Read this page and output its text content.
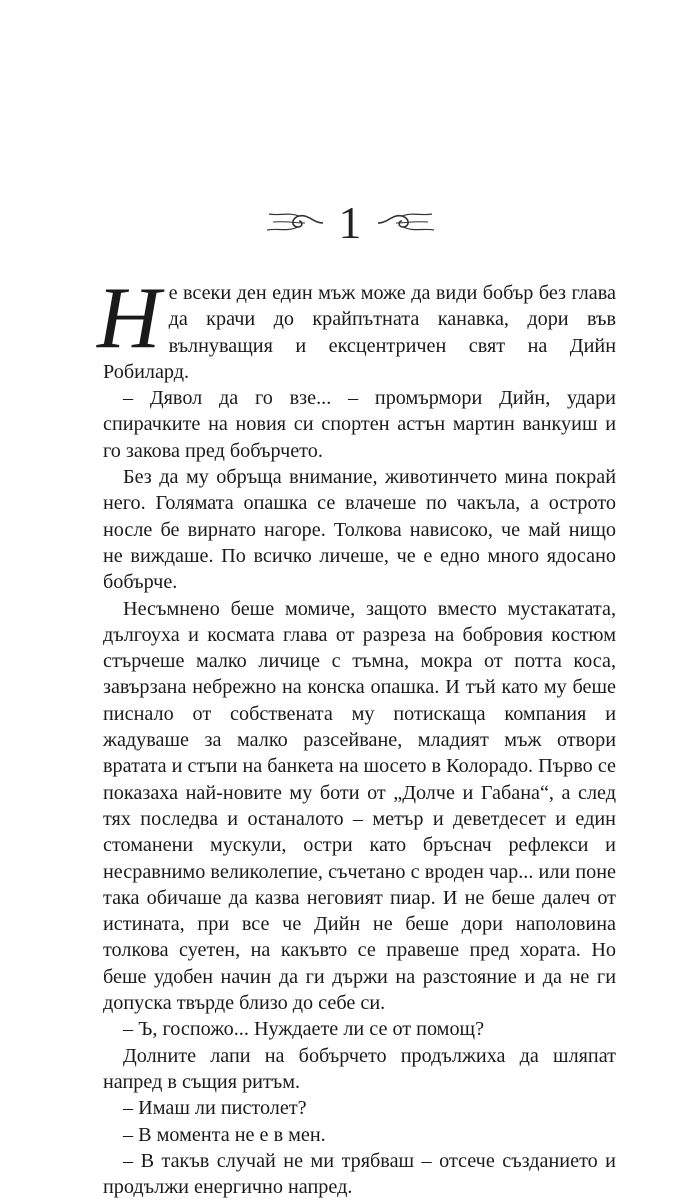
1

Не всеки ден един мъж може да види бобър без глава да крачи до крайпътната канавка, дори във вълнуващия и ексцентричен свят на Дийн Робилард.

– Дявол да го взе... – промърмори Дийн, удари спирачките на новия си спортен астън мартин ванкуиш и го закова пред бобърчето.

Без да му обръща внимание, животинчето мина покрай него. Голямата опашка се влачеше по чакъла, а острото носле бе вирнато нагоре. Толкова нависоко, че май нищо не виждаше. По всичко личеше, че е едно много ядосано бобърче.

Несъмнено беше момиче, защото вместо мустакатата, дългоуха и космата глава от разреза на бобровия костюм стърчеше малко личице с тъмна, мокра от потта коса, завързана небрежно на конска опашка. И тъй като му беше писнало от собствената му потискаща компания и жадуваше за малко разсейване, младият мъж отвори вратата и стъпи на банкета на шосето в Колорадо. Първо се показаха най-новите му боти от „Долче и Габана“, а след тях последва и останалото – метър и деветдесет и един стоманени мускули, остри като бръснач рефлекси и несравнимо великолепие, съчетано с вроден чар... или поне така обичаше да казва неговият пиар. И не беше далеч от истината, при все че Дийн не беше дори наполовина толкова суетен, на какъвто се правеше пред хората. Но беше удобен начин да ги държи на разстояние и да не ги допуска твърде близо до себе си.

– Ъ, госпожо... Нуждаете ли се от помощ?

Долните лапи на бобърчето продължиха да шляпат напред в същия ритъм.

– Имаш ли пистолет?

– В момента не е в мен.

– В такъв случай не ми трябваш – отсече създанието и продължи енергично напред.
